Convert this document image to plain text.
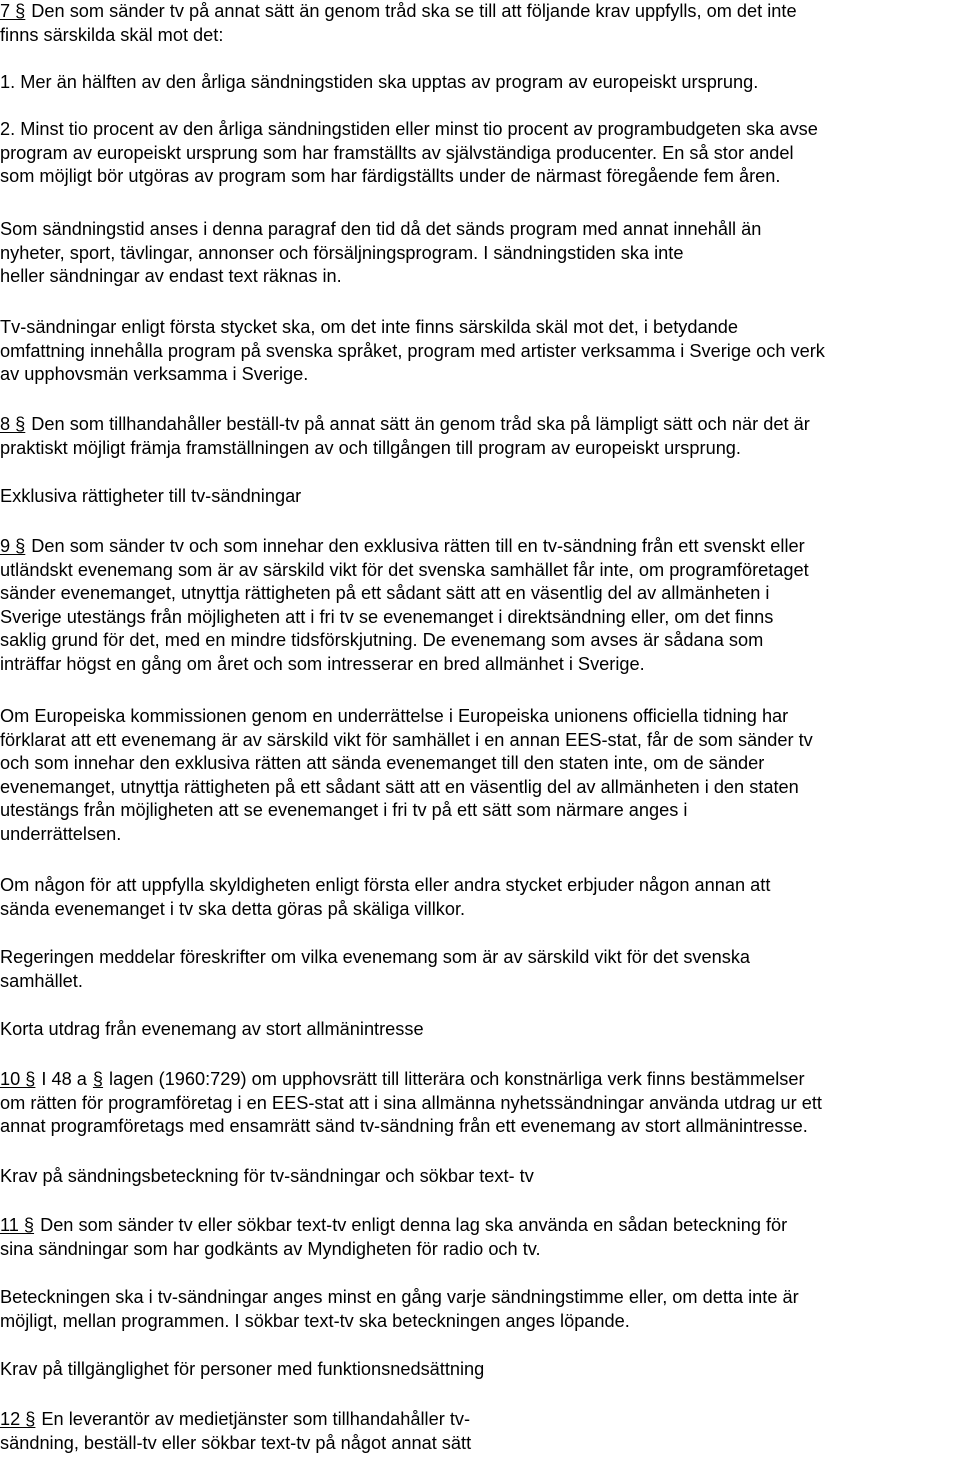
7 § Den som sänder tv på annat sätt än genom tråd ska se till att följande krav uppfylls, om det inte
finns särskilda skäl mot det:

1. Mer än hälften av den årliga sändningstiden ska upptas av program av europeiskt ursprung.

2. Minst tio procent av den årliga sändningstiden eller minst tio procent av programbudgeten ska avse
program av europeiskt ursprung som har framställts av självständiga producenter. En så stor andel
som möjligt bör utgöras av program som har färdigställts under de närmast föregående fem åren.

Som sändningstid anses i denna paragraf den tid då det sänds program med annat innehåll än
nyheter, sport, tävlingar, annonser och försäljningsprogram. I sändningstiden ska inte
heller sändningar av endast text räknas in.

Tv-sändningar enligt första stycket ska, om det inte finns särskilda skäl mot det, i betydande
omfattning innehålla program på svenska språket, program med artister verksamma i Sverige och verk
av upphovsmän verksamma i Sverige.

8 § Den som tillhandahåller beställ-tv på annat sätt än genom tråd ska på lämpligt sätt och när det är
praktiskt möjligt främja framställningen av och tillgången till program av europeiskt ursprung.

Exklusiva rättigheter till tv-sändningar

9 § Den som sänder tv och som innehar den exklusiva rätten till en tv-sändning från ett svenskt eller
utländskt evenemang som är av särskild vikt för det svenska samhället får inte, om programföretaget
sänder evenemanget, utnyttja rättigheten på ett sådant sätt att en väsentlig del av allmänheten i
Sverige utestängs från möjligheten att i fri tv se evenemanget i direktsändning eller, om det finns
saklig grund för det, med en mindre tidsförskjutning. De evenemang som avses är sådana som
inträffar högst en gång om året och som intresserar en bred allmänhet i Sverige.

Om Europeiska kommissionen genom en underrättelse i Europeiska unionens officiella tidning har
förklarat att ett evenemang är av särskild vikt för samhället i en annan EES-stat, får de som sänder tv
och som innehar den exklusiva rätten att sända evenemanget till den staten inte, om de sänder
evenemanget, utnyttja rättigheten på ett sådant sätt att en väsentlig del av allmänheten i den staten
utestängs från möjligheten att se evenemanget i fri tv på ett sätt som närmare anges i
underrättelsen.

Om någon för att uppfylla skyldigheten enligt första eller andra stycket erbjuder någon annan att
sända evenemanget i tv ska detta göras på skäliga villkor.

Regeringen meddelar föreskrifter om vilka evenemang som är av särskild vikt för det svenska
samhället.

Korta utdrag från evenemang av stort allmänintresse

10 § I 48 a § lagen (1960:729) om upphovsrätt till litterära och konstnärliga verk finns bestämmelser
om rätten för programföretag i en EES-stat att i sina allmänna nyhetssändningar använda utdrag ur ett
annat programföretags med ensamrätt sänd tv-sändning från ett evenemang av stort allmänintresse.

Krav på sändningsbeteckning för tv-sändningar och sökbar text- tv

11 § Den som sänder tv eller sökbar text-tv enligt denna lag ska använda en sådan beteckning för
sina sändningar som har godkänts av Myndigheten för radio och tv.

Beteckningen ska i tv-sändningar anges minst en gång varje sändningstimme eller, om detta inte är
möjligt, mellan programmen. I sökbar text-tv ska beteckningen anges löpande.

Krav på tillgänglighet för personer med funktionsnedsättning

12 § En leverantör av medietjänster som tillhandahåller tv-
sändning, beställ-tv eller sökbar text-tv på något annat sätt
